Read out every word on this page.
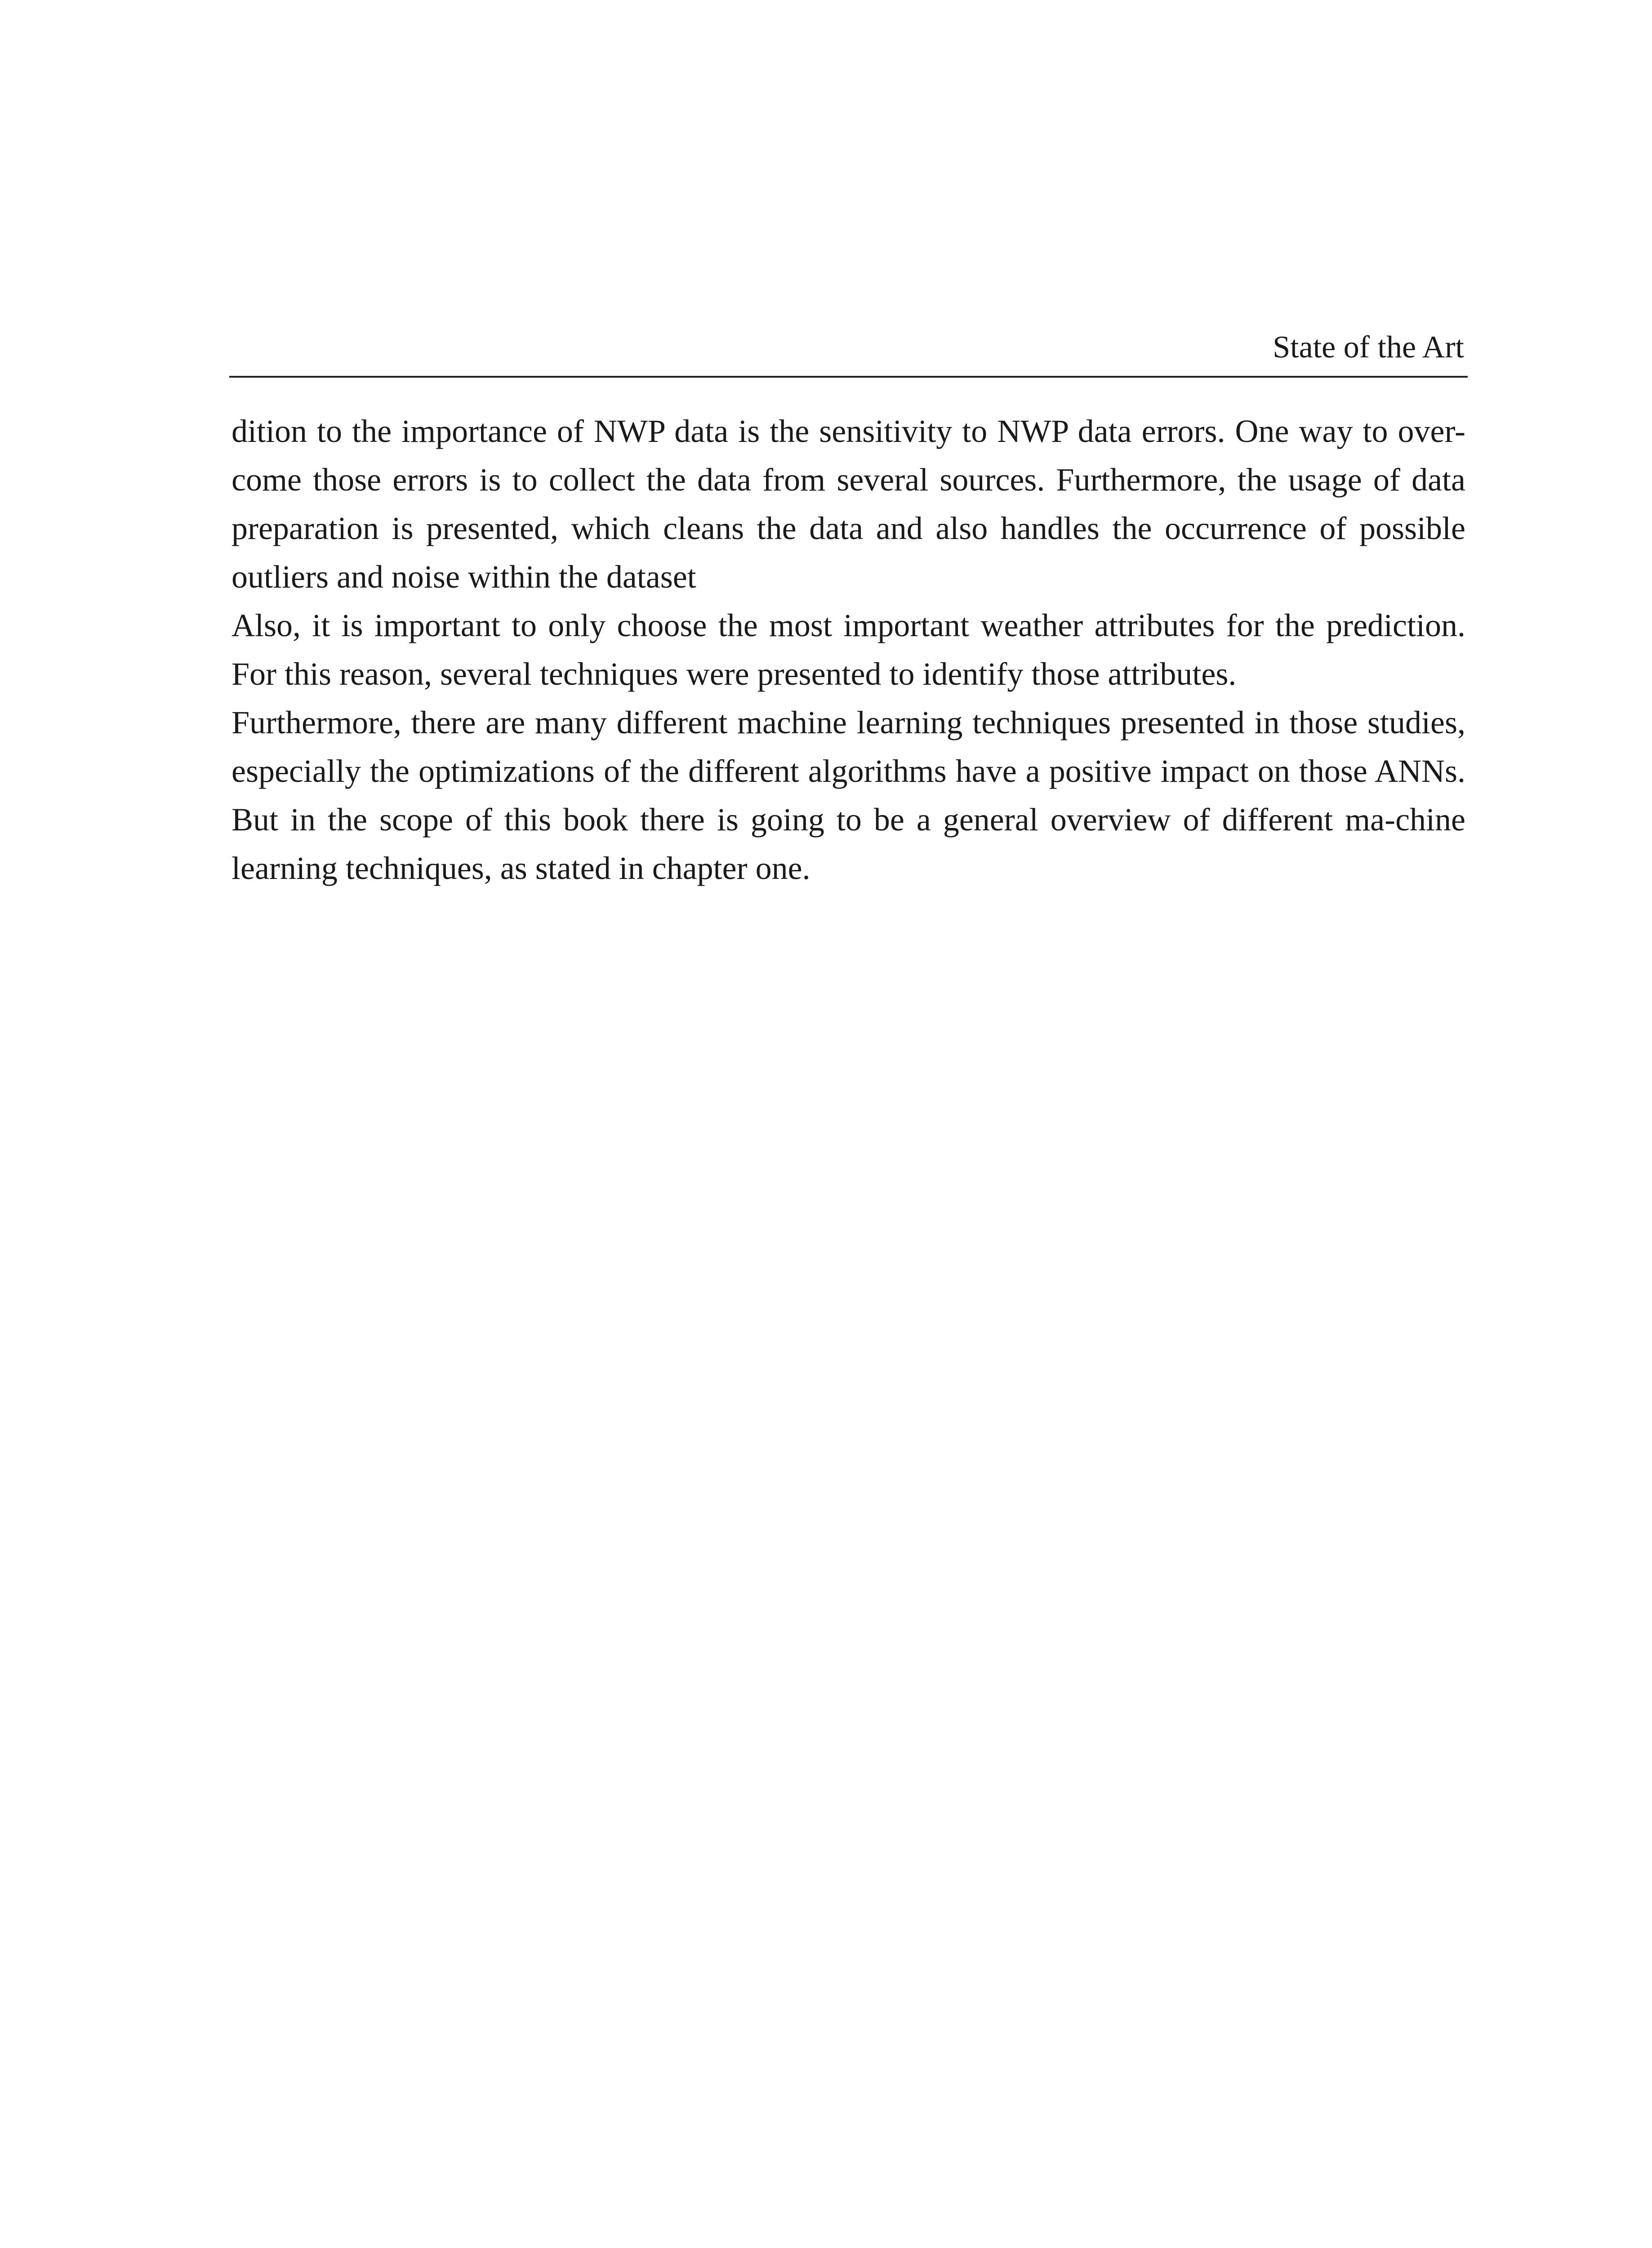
State of the Art

dition to the importance of NWP data is the sensitivity to NWP data errors. One way to over-come those errors is to collect the data from several sources. Furthermore, the usage of data preparation is presented, which cleans the data and also handles the occurrence of possible outliers and noise within the dataset

Also, it is important to only choose the most important weather attributes for the prediction. For this reason, several techniques were presented to identify those attributes.

Furthermore, there are many different machine learning techniques presented in those studies, especially the optimizations of the different algorithms have a positive impact on those ANNs. But in the scope of this book there is going to be a general overview of different ma-chine learning techniques, as stated in chapter one.
